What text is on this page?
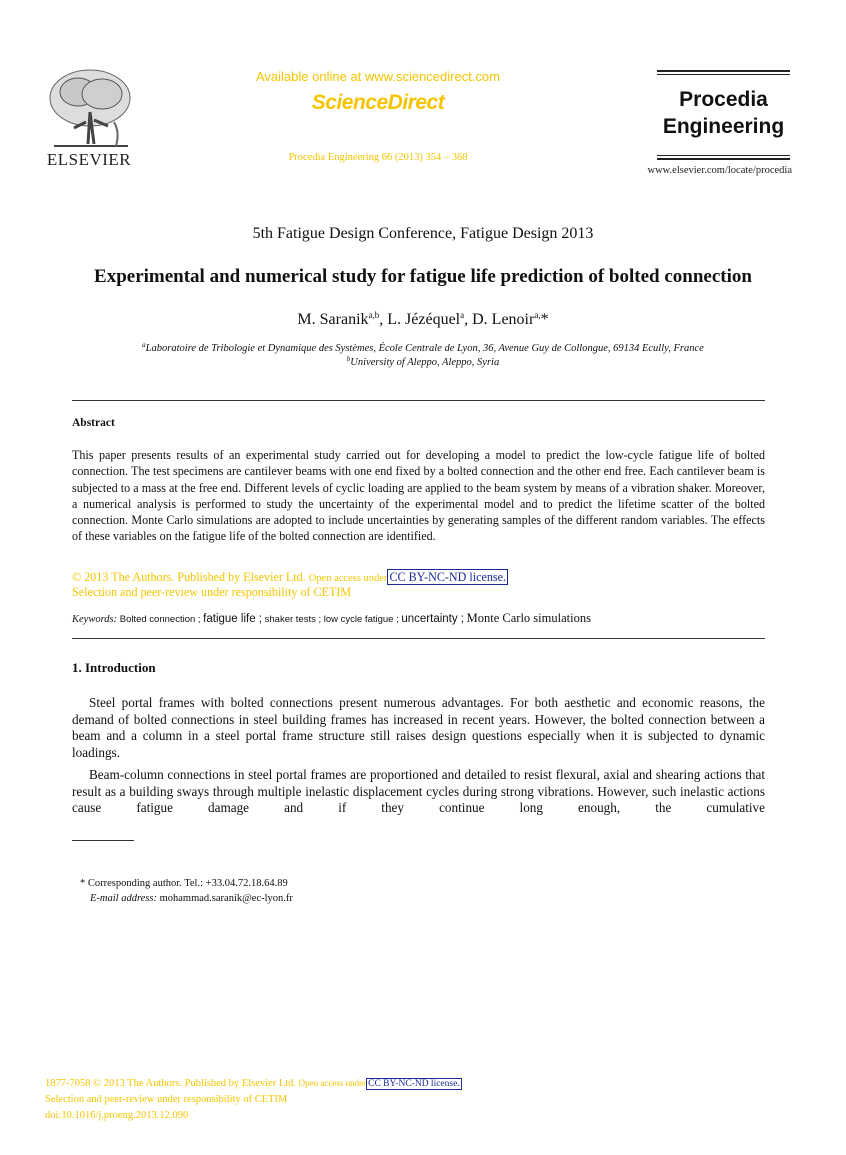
ELSEVIER
Available online at www.sciencedirect.com
ScienceDirect
Procedia Engineering 66 (2013) 354 – 368
Procedia
Engineering
www.elsevier.com/locate/procedia
5th Fatigue Design Conference, Fatigue Design 2013
Experimental and numerical study for fatigue life prediction of bolted connection
M. Saranik$^{a,b}$, L. Jézéquel$^a$, D. Lenoir$^{a,}$*
$^a$Laboratoire de Tribologie et Dynamique des Systèmes, École Centrale de Lyon, 36, Avenue Guy de Collongue, 69134 Ecully, France
$^b$University of Aleppo, Aleppo, Syria
Abstract
This paper presents results of an experimental study carried out for developing a model to predict the low-cycle fatigue life of bolted connection. The test specimens are cantilever beams with one end fixed by a bolted connection and the other end free. Each cantilever beam is subjected to a mass at the free end. Different levels of cyclic loading are applied to the beam system by means of a vibration shaker. Moreover, a numerical analysis is performed to study the uncertainty of the experimental model and to predict the lifetime scatter of the bolted connection. Monte Carlo simulations are adopted to include uncertainties by generating samples of the different random variables. The effects of these variables on the fatigue life of the bolted connection are identified.
© 2013 The Authors. Published by Elsevier Ltd. Open access under CC BY-NC-ND license.
Selection and peer-review under responsibility of CETIM
Keywords: Bolted connection ; fatigue life ; shaker tests ; low cycle fatigue ; uncertainty ; Monte Carlo simulations
1. Introduction
Steel portal frames with bolted connections present numerous advantages. For both aesthetic and economic reasons, the demand of bolted connections in steel building frames has increased in recent years. However, the bolted connection between a beam and a column in a steel portal frame structure still raises design questions especially when it is subjected to dynamic loadings.
Beam-column connections in steel portal frames are proportioned and detailed to resist flexural, axial and shearing actions that result as a building sways through multiple inelastic displacement cycles during strong vibrations. However, such inelastic actions cause fatigue damage and if they continue long enough, the cumulative
* Corresponding author. Tel.: +33.04.72.18.64.89
E-mail address: mohammad.saranik@ec-lyon.fr
1877-7058 © 2013 The Authors. Published by Elsevier Ltd. Open access under CC BY-NC-ND license.
Selection and peer-review under responsibility of CETIM
doi:10.1016/j.proeng.2013.12.090
